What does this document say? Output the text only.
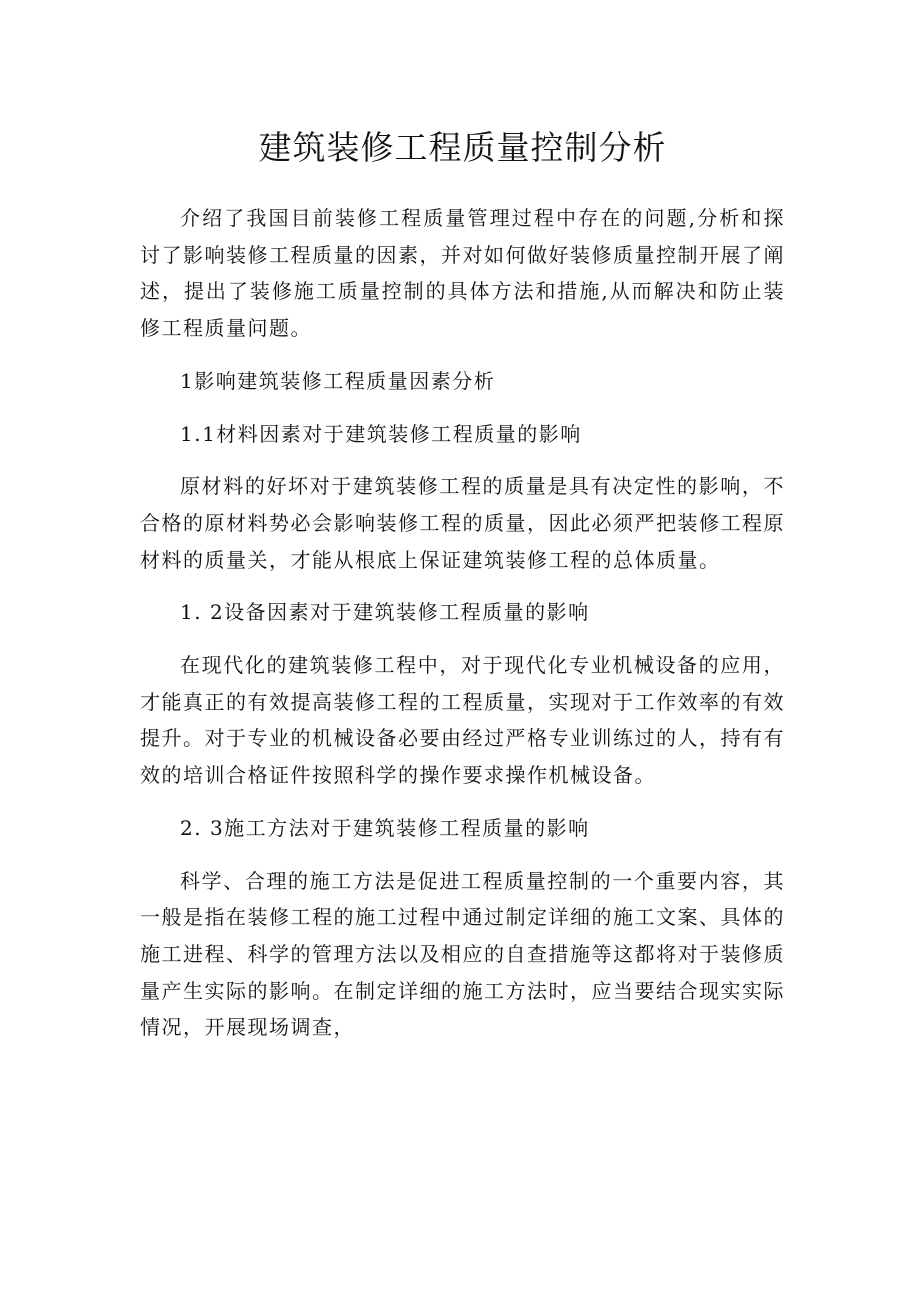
建筑装修工程质量控制分析

介绍了我国目前装修工程质量管理过程中存在的问题,分析和探讨了影响装修工程质量的因素，并对如何做好装修质量控制开展了阐述，提出了装修施工质量控制的具体方法和措施,从而解决和防止装修工程质量问题。

1影响建筑装修工程质量因素分析

1.1材料因素对于建筑装修工程质量的影响

原材料的好坏对于建筑装修工程的质量是具有决定性的影响，不合格的原材料势必会影响装修工程的质量，因此必须严把装修工程原材料的质量关，才能从根底上保证建筑装修工程的总体质量。

1. 2设备因素对于建筑装修工程质量的影响

在现代化的建筑装修工程中，对于现代化专业机械设备的应用，才能真正的有效提高装修工程的工程质量，实现对于工作效率的有效提升。对于专业的机械设备必要由经过严格专业训练过的人，持有有效的培训合格证件按照科学的操作要求操作机械设备。

2. 3施工方法对于建筑装修工程质量的影响

科学、合理的施工方法是促进工程质量控制的一个重要内容，其一般是指在装修工程的施工过程中通过制定详细的施工文案、具体的施工进程、科学的管理方法以及相应的自查措施等这都将对于装修质量产生实际的影响。在制定详细的施工方法时，应当要结合现实实际情况，开展现场调查，
